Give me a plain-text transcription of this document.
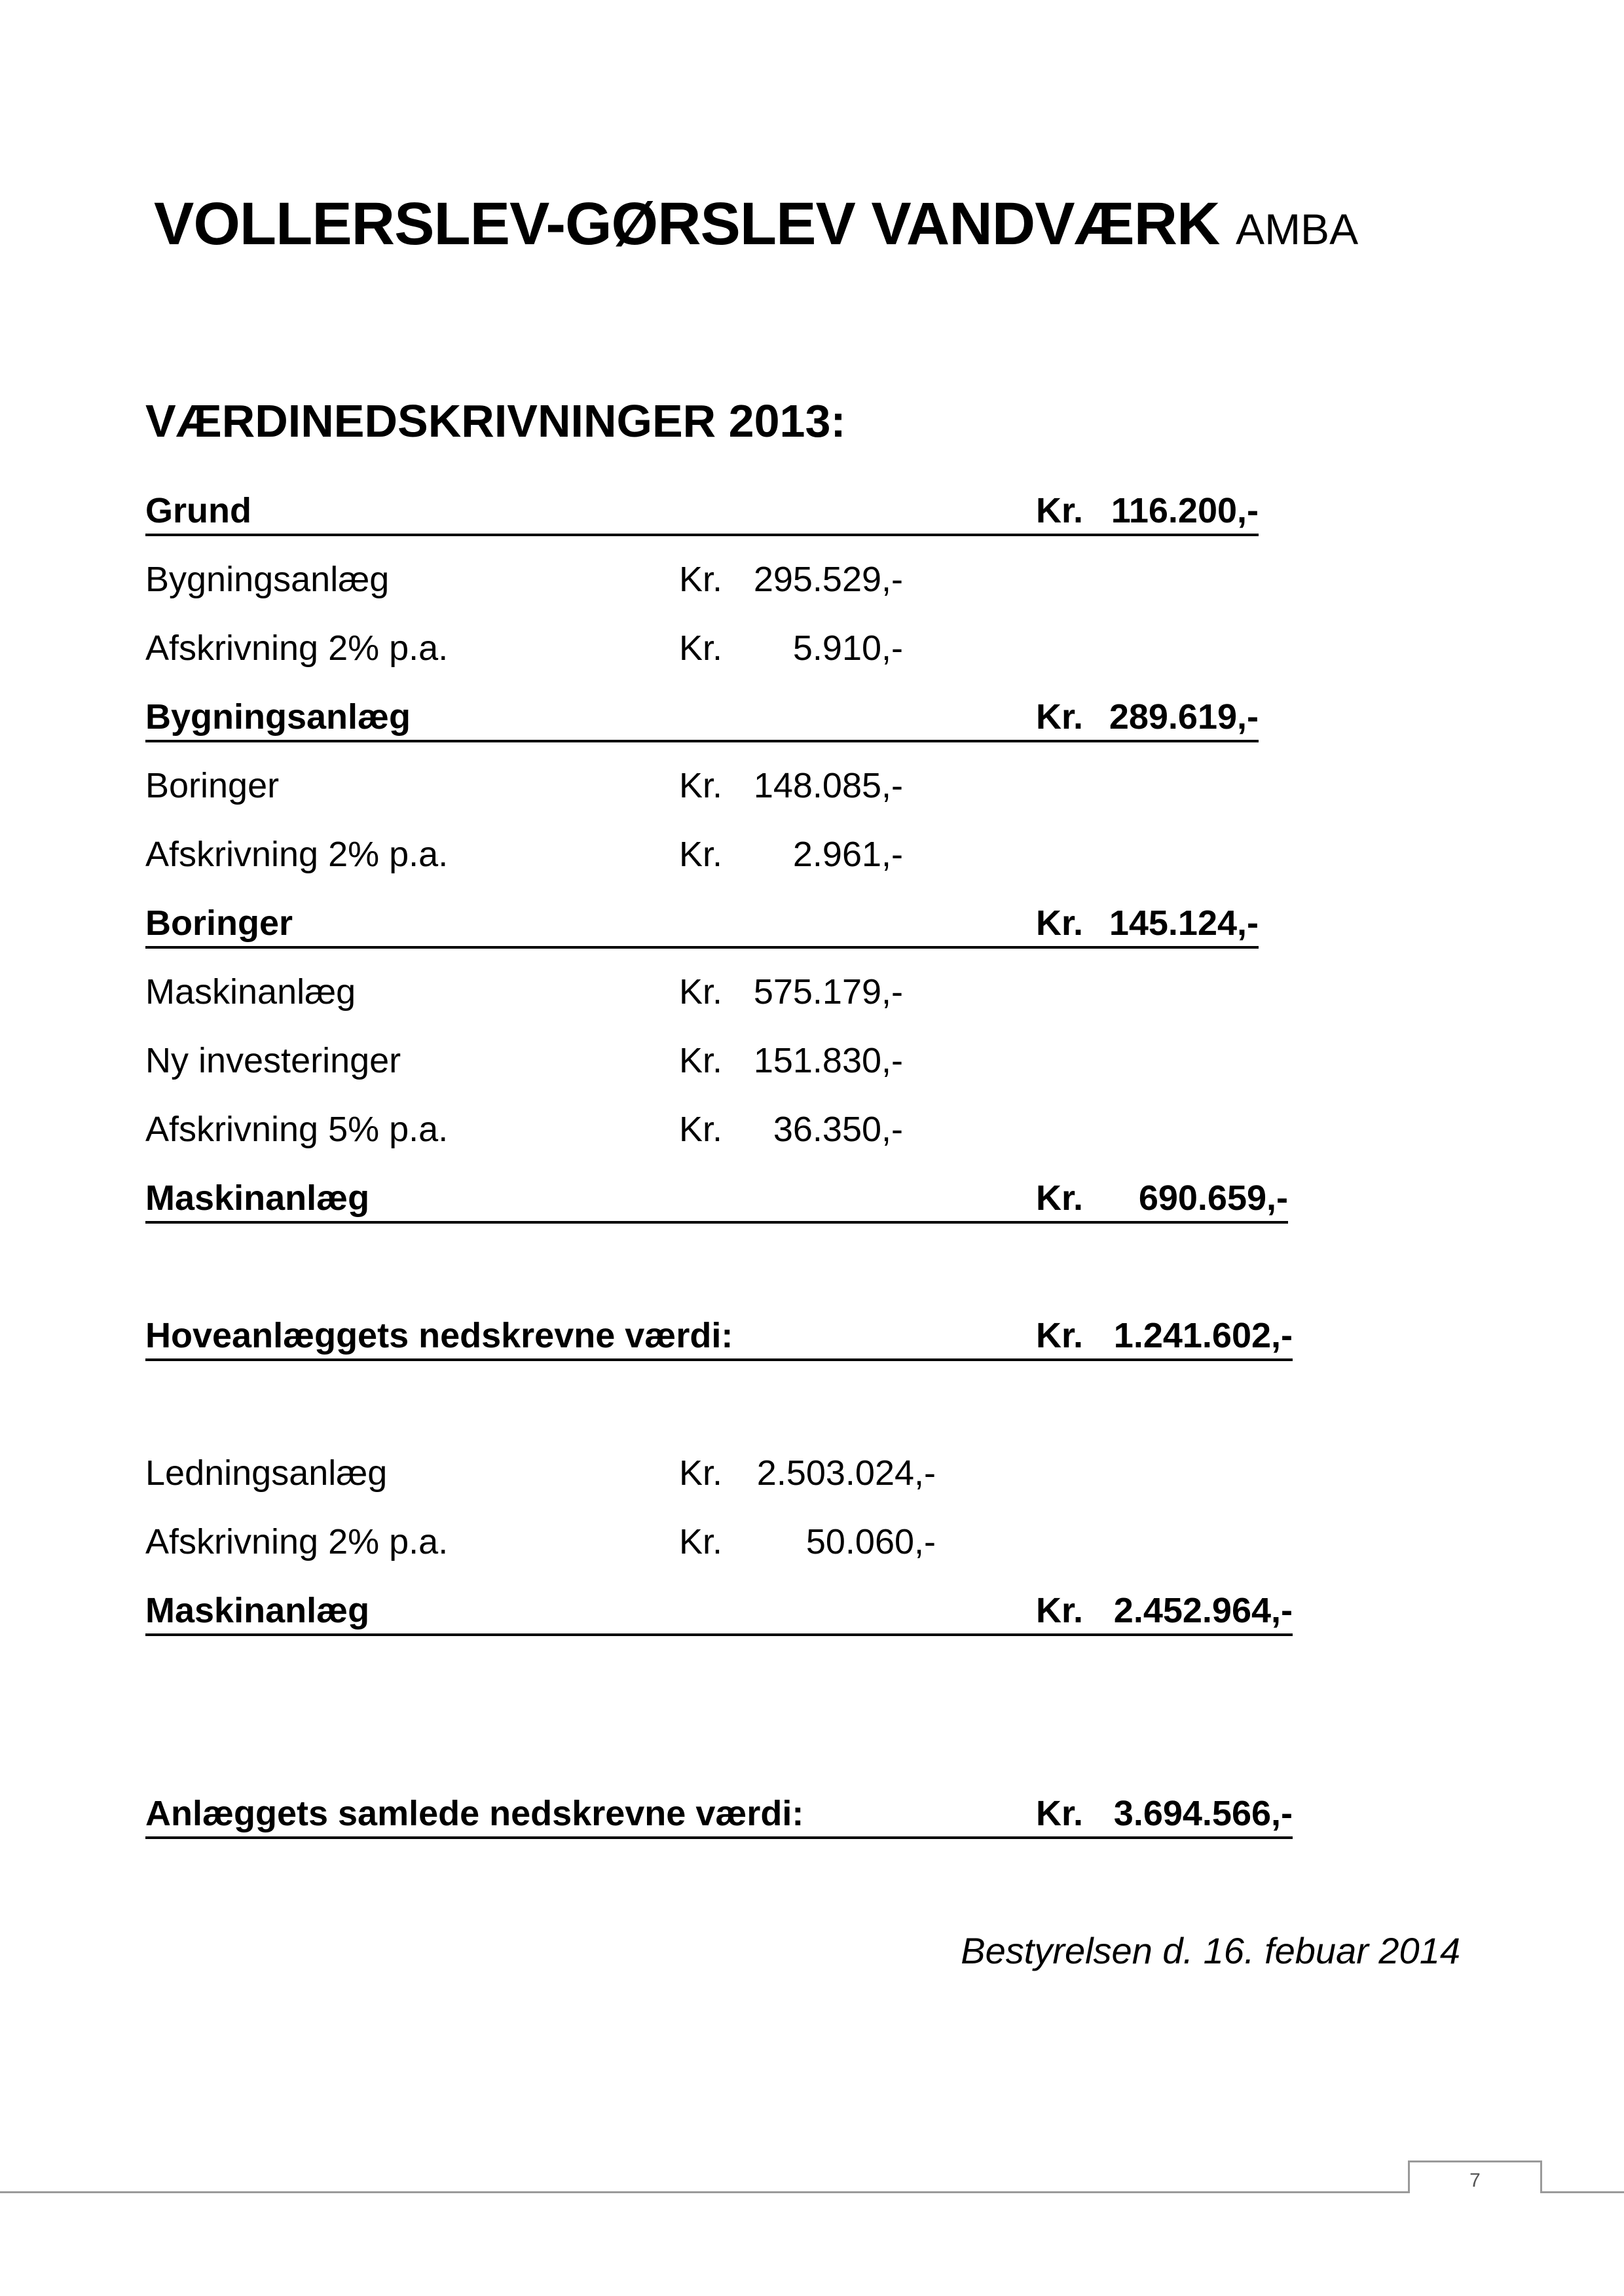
VOLLERSLEV-GØRSLEV VANDVÆRK AMBA
VÆRDINEDSKRIVNINGER 2013:
Grund	Kr. 116.200,-
Bygningsanlæg	Kr. 295.529,-
Afskrivning 2% p.a.	Kr.	5.910,-
Bygningsanlæg	Kr. 289.619,-
Boringer	Kr. 148.085,-
Afskrivning 2% p.a.	Kr.	2.961,-
Boringer	Kr. 145.124,-
Maskinanlæg	Kr. 575.179,-
Ny investeringer	Kr. 151.830,-
Afskrivning 5% p.a.	Kr.	36.350,-
Maskinanlæg	Kr.	690.659,-
Hoveanlæggets nedskrevne værdi:	Kr. 1.241.602,-
Ledningsanlæg	Kr. 2.503.024,-
Afskrivning 2% p.a.	Kr.	50.060,-
Maskinanlæg	Kr. 2.452.964,-
Anlæggets samlede nedskrevne værdi:	Kr. 3.694.566,-
Bestyrelsen d. 16. febuar 2014
7
